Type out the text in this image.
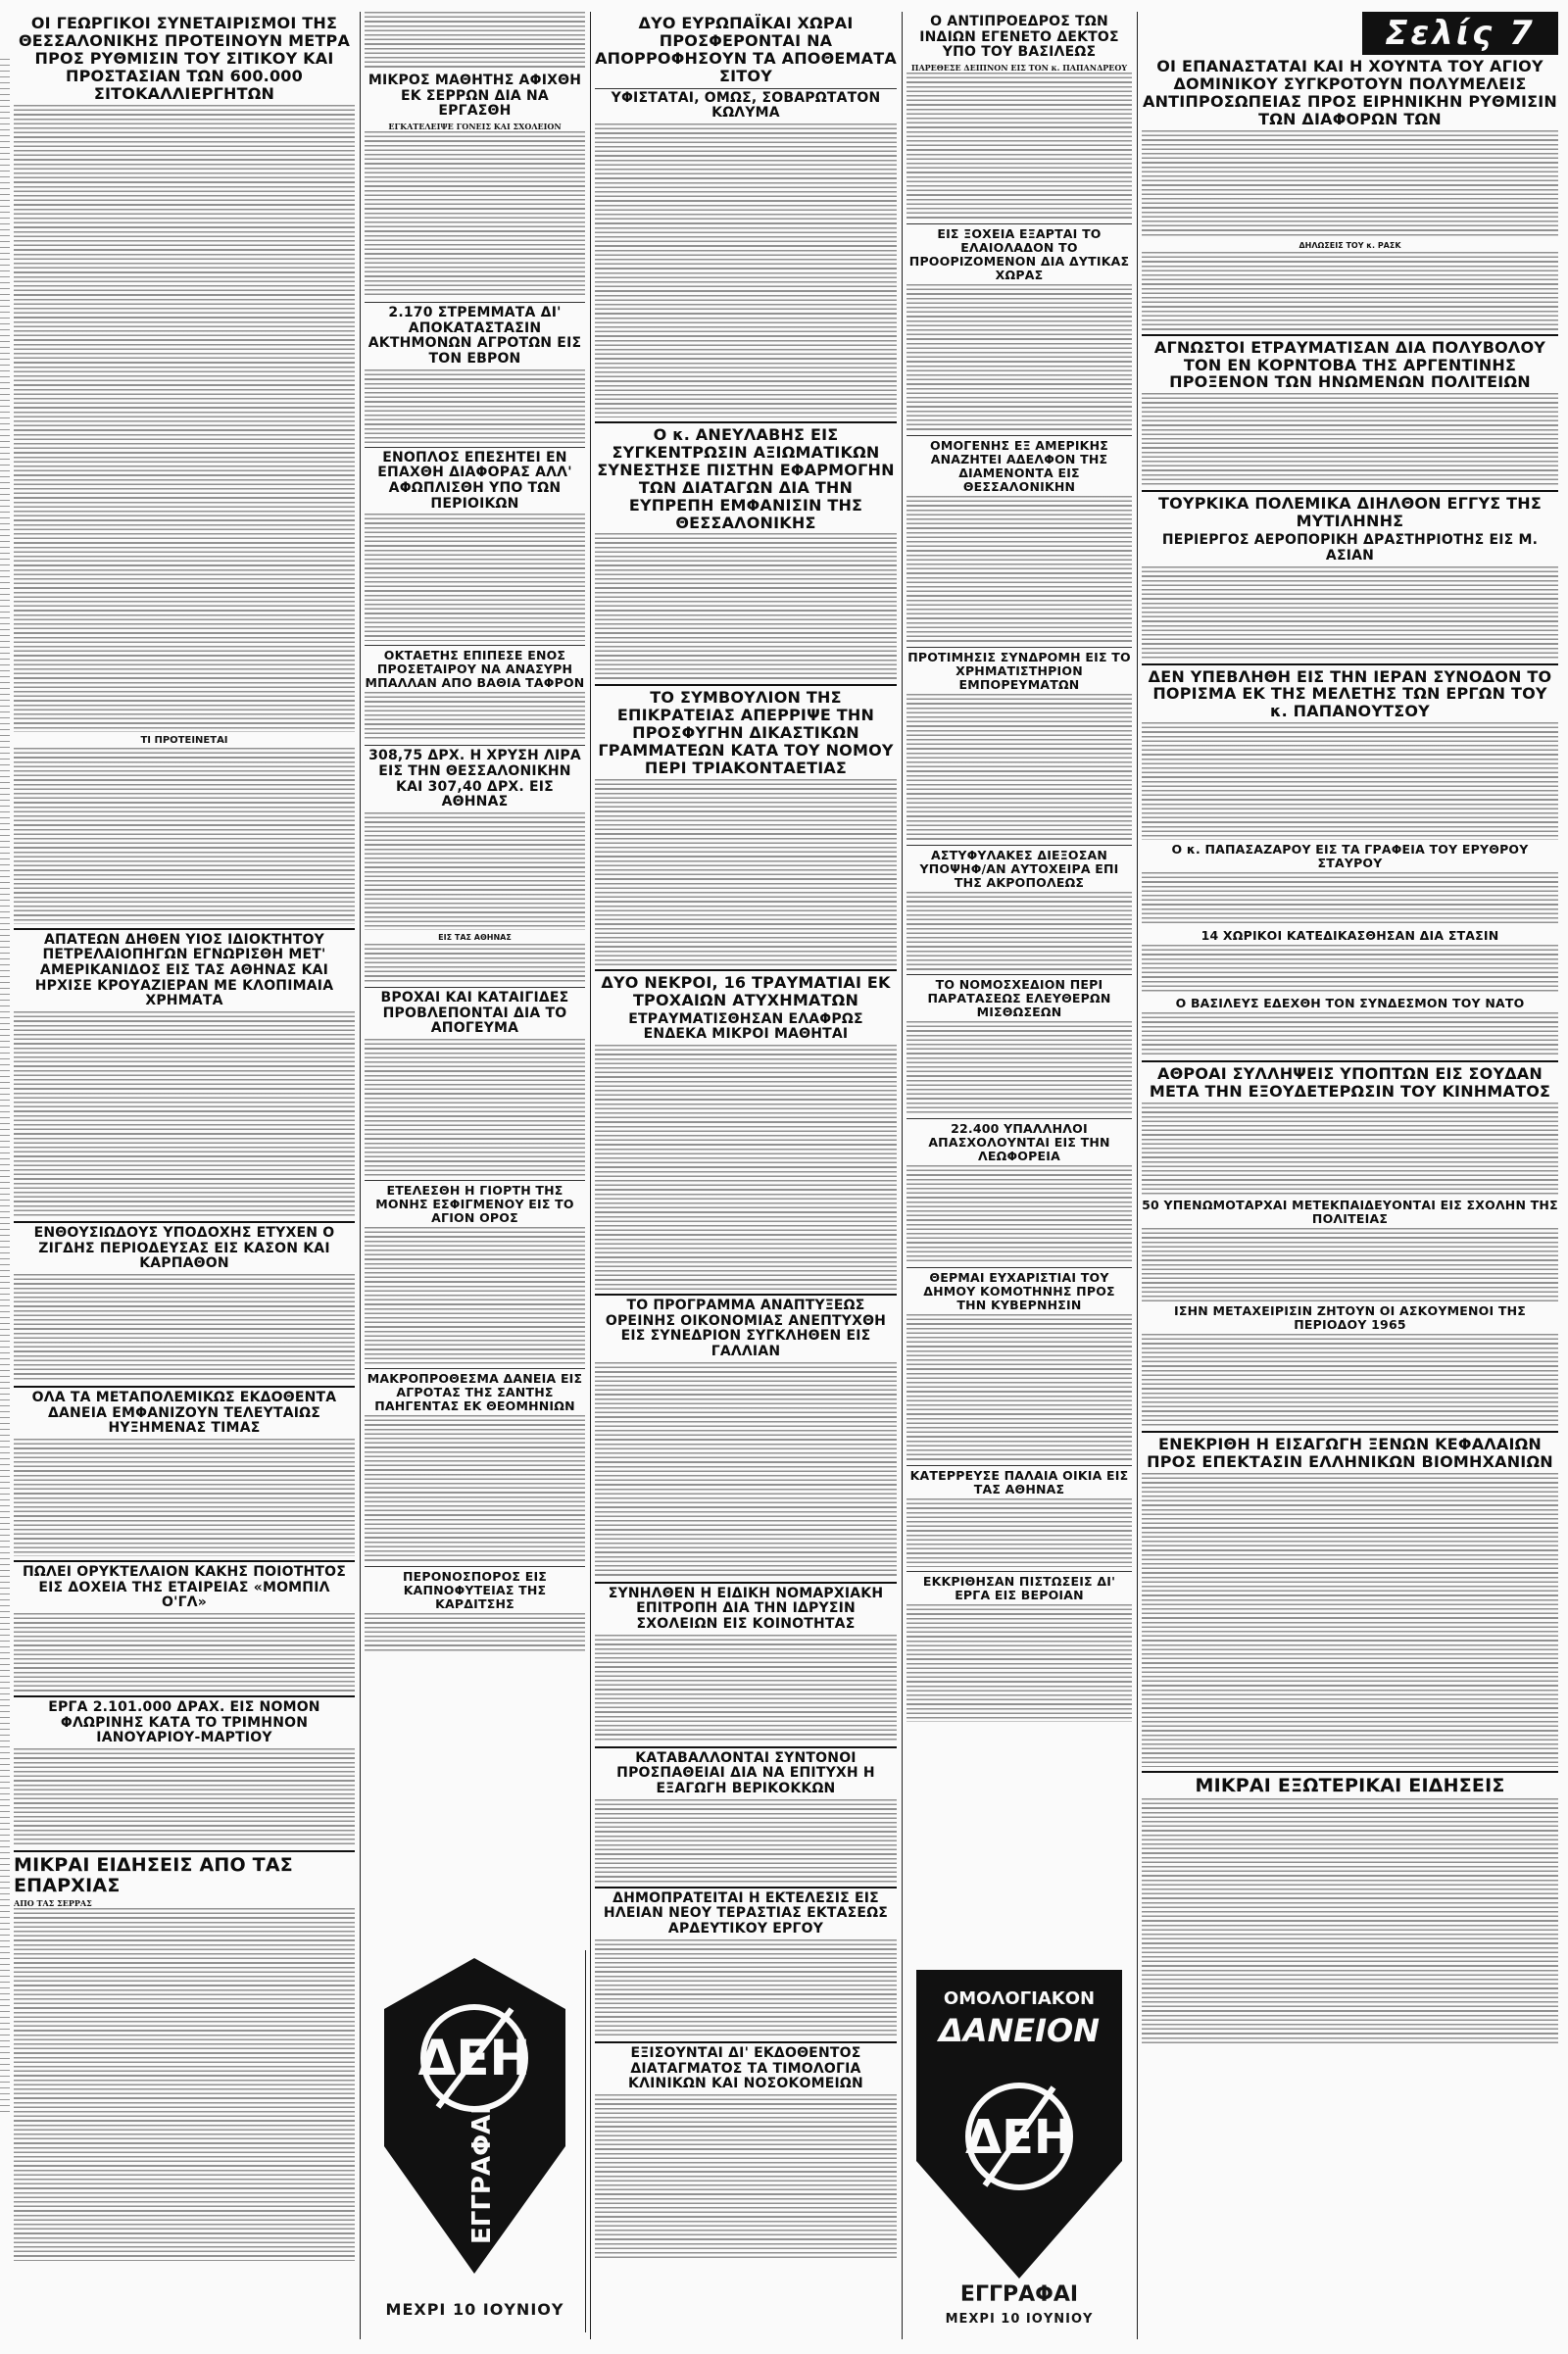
ΟΙ ΓΕΩΡΓΙΚΟΙ ΣΥΝΕΤΑΙΡΙΣΜΟΙ ΤΗΣ ΘΕΣΣΑΛΟΝΙΚΗΣ ΠΡΟΤΕΙΝΟΥΝ ΜΕΤΡΑ ΠΡΟΣ ΡΥΘΜΙΣΙΝ ΤΟΥ ΣΙΤΙΚΟΥ ΚΑΙ ΠΡΟΣΤΑΣΙΑΝ ΤΩΝ 600.000 ΣΙΤΟΚΑΛΛΙΕΡΓΗΤΩΝ
ΤΙ ΠΡΟΤΕΙΝΕΤΑΙ
ΑΠΑΤΕΩΝ ΔΗΘΕΝ ΥΙΟΣ ΙΔΙΟΚΤΗΤΟΥ ΠΕΤΡΕΛΑΙΟΠΗΓΩΝ ΕΓΝΩΡΙΣΘΗ ΜΕΤ' ΑΜΕΡΙΚΑΝΙΔΟΣ ΕΙΣ ΤΑΣ ΑΘΗΝΑΣ ΚΑΙ ΗΡΧΙΣΕ ΚΡΟΥΑΖΙΕΡΑΝ ΜΕ ΚΛΟΠΙΜΑΙΑ ΧΡΗΜΑΤΑ
ΕΝΘΟΥΣΙΩΔΟΥΣ ΥΠΟΔΟΧΗΣ ΕΤΥΧΕΝ Ο ΖΙΓΔΗΣ ΠΕΡΙΟΔΕΥΣΑΣ ΕΙΣ ΚΑΣΟΝ ΚΑΙ ΚΑΡΠΑΘΟΝ
ΟΛΑ ΤΑ ΜΕΤΑΠΟΛΕΜΙΚΩΣ ΕΚΔΟΘΕΝΤΑ ΔΑΝΕΙΑ ΕΜΦΑΝΙΖΟΥΝ ΤΕΛΕΥΤΑΙΩΣ ΗΥΞΗΜΕΝΑΣ ΤΙΜΑΣ
ΠΩΛΕΙ ΟΡΥΚΤΕΛΑΙΟΝ ΚΑΚΗΣ ΠΟΙΟΤΗΤΟΣ ΕΙΣ ΔΟΧΕΙΑ ΤΗΣ ΕΤΑΙΡΕΙΑΣ «ΜΟΜΠΙΛ Ο'ΓΛ»
ΕΡΓΑ 2.101.000 ΔΡΑΧ. ΕΙΣ ΝΟΜΟΝ ΦΛΩΡΙΝΗΣ ΚΑΤΑ ΤΟ ΤΡΙΜΗΝΟΝ ΙΑΝΟΥΑΡΙΟΥ-ΜΑΡΤΙΟΥ
ΜΙΚΡΑΙ ΕΙΔΗΣΕΙΣ ΑΠΟ ΤΑΣ ΕΠΑΡΧΙΑΣ
ΑΠΟ ΤΑΣ ΣΕΡΡΑΣ
ΜΙΚΡΟΣ ΜΑΘΗΤΗΣ ΑΦΙΧΘΗ ΕΚ ΣΕΡΡΩΝ ΔΙΑ ΝΑ ΕΡΓΑΣΘΗ
ΕΓΚΑΤΕΛΕΙΨΕ ΓΟΝΕΙΣ ΚΑΙ ΣΧΟΛΕΙΟΝ
2.170 ΣΤΡΕΜΜΑΤΑ ΔΙ' ΑΠΟΚΑΤΑΣΤΑΣΙΝ ΑΚΤΗΜΟΝΩΝ ΑΓΡΟΤΩΝ ΕΙΣ ΤΟΝ ΕΒΡΟΝ
ΕΝΟΠΛΟΣ ΕΠΕΣΗΤΕΙ ΕΝ ΕΠΑΧΘΗ ΔΙΑΦΟΡΑΣ ΑΛΛ' ΑΦΩΠΛΙΣΘΗ ΥΠΟ ΤΩΝ ΠΕΡΙΟΙΚΩΝ
ΟΚΤΑΕΤΗΣ ΕΠΙΠΕΣΕ ΕΝΟΣ ΠΡΟΣΕΤΑΙΡΟΥ ΝΑ ΑΝΑΣΥΡΗ ΜΠΑΛΛΑΝ ΑΠΟ ΒΑΘΙΑ ΤΑΦΡΟΝ
308,75 ΔΡΧ. Η ΧΡΥΣΗ ΛΙΡΑ ΕΙΣ ΤΗΝ ΘΕΣΣΑΛΟΝΙΚΗΝ ΚΑΙ 307,40 ΔΡΧ. ΕΙΣ ΑΘΗΝΑΣ
ΕΙΣ ΤΑΣ ΑΘΗΝΑΣ
ΒΡΟΧΑΙ ΚΑΙ ΚΑΤΑΙΓΙΔΕΣ ΠΡΟΒΛΕΠΟΝΤΑΙ ΔΙΑ ΤΟ ΑΠΟΓΕΥΜΑ
ΕΤΕΛΕΣΘΗ Η ΓΙΟΡΤΗ ΤΗΣ ΜΟΝΗΣ ΕΣΦΙΓΜΕΝΟΥ ΕΙΣ ΤΟ ΑΓΙΟΝ ΟΡΟΣ
ΜΑΚΡΟΠΡΟΘΕΣΜΑ ΔΑΝΕΙΑ ΕΙΣ ΑΓΡΟΤΑΣ ΤΗΣ ΣΑΝΤΗΣ ΠΑΗΓΕΝΤΑΣ ΕΚ ΘΕΟΜΗΝΙΩΝ
ΠΕΡΟΝΟΣΠΟΡΟΣ ΕΙΣ ΚΑΠΝΟΦΥΤΕΙΑΣ ΤΗΣ ΚΑΡΔΙΤΣΗΣ
ΔΥΟ ΕΥΡΩΠΑΪΚΑΙ ΧΩΡΑΙ ΠΡΟΣΦΕΡΟΝΤΑΙ ΝΑ ΑΠΟΡΡΟΦΗΣΟΥΝ ΤΑ ΑΠΟΘΕΜΑΤΑ ΣΙΤΟΥ
ΥΦΙΣΤΑΤΑΙ, ΟΜΩΣ, ΣΟΒΑΡΩΤΑΤΟΝ ΚΩΛΥΜΑ
Ο κ. ΑΝΕΥΛΑΒΗΣ ΕΙΣ ΣΥΓΚΕΝΤΡΩΣΙΝ ΑΞΙΩΜΑΤΙΚΩΝ ΣΥΝΕΣΤΗΣΕ ΠΙΣΤΗΝ ΕΦΑΡΜΟΓΗΝ ΤΩΝ ΔΙΑΤΑΓΩΝ ΔΙΑ ΤΗΝ ΕΥΠΡΕΠΗ ΕΜΦΑΝΙΣΙΝ ΤΗΣ ΘΕΣΣΑΛΟΝΙΚΗΣ
ΤΟ ΣΥΜΒΟΥΛΙΟΝ ΤΗΣ ΕΠΙΚΡΑΤΕΙΑΣ ΑΠΕΡΡΙΨΕ ΤΗΝ ΠΡΟΣΦΥΓΗΝ ΔΙΚΑΣΤΙΚΩΝ ΓΡΑΜΜΑΤΕΩΝ ΚΑΤΑ ΤΟΥ ΝΟΜΟΥ ΠΕΡΙ ΤΡΙΑΚΟΝΤΑΕΤΙΑΣ
ΔΥΟ ΝΕΚΡΟΙ, 16 ΤΡΑΥΜΑΤΙΑΙ ΕΚ ΤΡΟΧΑΙΩΝ ΑΤΥΧΗΜΑΤΩΝ
ΕΤΡΑΥΜΑΤΙΣΘΗΣΑΝ ΕΛΑΦΡΩΣ ΕΝΔΕΚΑ ΜΙΚΡΟΙ ΜΑΘΗΤΑΙ
ΤΟ ΠΡΟΓΡΑΜΜΑ ΑΝΑΠΤΥΞΕΩΣ ΟΡΕΙΝΗΣ ΟΙΚΟΝΟΜΙΑΣ ΑΝΕΠΤΥΧΘΗ ΕΙΣ ΣΥΝΕΔΡΙΟΝ ΣΥΓΚΛΗΘΕΝ ΕΙΣ ΓΑΛΛΙΑΝ
ΣΥΝΗΛΘΕΝ Η ΕΙΔΙΚΗ ΝΟΜΑΡΧΙΑΚΗ ΕΠΙΤΡΟΠΗ ΔΙΑ ΤΗΝ ΙΔΡΥΣΙΝ ΣΧΟΛΕΙΩΝ ΕΙΣ ΚΟΙΝΟΤΗΤΑΣ
ΚΑΤΑΒΑΛΛΟΝΤΑΙ ΣΥΝΤΟΝΟΙ ΠΡΟΣΠΑΘΕΙΑΙ ΔΙΑ ΝΑ ΕΠΙΤΥΧΗ Η ΕΞΑΓΩΓΗ ΒΕΡΙΚΟΚΚΩΝ
ΔΗΜΟΠΡΑΤΕΙΤΑΙ Η ΕΚΤΕΛΕΣΙΣ ΕΙΣ ΗΛΕΙΑΝ ΝΕΟΥ ΤΕΡΑΣΤΙΑΣ ΕΚΤΑΣΕΩΣ ΑΡΔΕΥΤΙΚΟΥ ΕΡΓΟΥ
ΕΞΙΣΟΥΝΤΑΙ ΔΙ' ΕΚΔΟΘΕΝΤΟΣ ΔΙΑΤΑΓΜΑΤΟΣ ΤΑ ΤΙΜΟΛΟΓΙΑ ΚΛΙΝΙΚΩΝ ΚΑΙ ΝΟΣΟΚΟΜΕΙΩΝ
Ο ΑΝΤΙΠΡΟΕΔΡΟΣ ΤΩΝ ΙΝΔΙΩΝ ΕΓΕΝΕΤΟ ΔΕΚΤΟΣ ΥΠΟ ΤΟΥ ΒΑΣΙΛΕΩΣ
ΠΑΡΕΘΕΣΕ ΔΕΙΠΝΟΝ ΕΙΣ ΤΟΝ κ. ΠΑΠΑΝΔΡΕΟΥ
ΕΙΣ ΞΟΧΕΙΑ ΕΞΑΡΤΑΙ ΤΟ ΕΛΑΙΟΛΑΔΟΝ ΤΟ ΠΡΟΟΡΙΖΟΜΕΝΟΝ ΔΙΑ ΔΥΤΙΚΑΣ ΧΩΡΑΣ
ΟΜΟΓΕΝΗΣ ΕΞ ΑΜΕΡΙΚΗΣ ΑΝΑΖΗΤΕΙ ΑΔΕΛΦΟΝ ΤΗΣ ΔΙΑΜΕΝΟΝΤΑ ΕΙΣ ΘΕΣΣΑΛΟΝΙΚΗΝ
ΠΡΟΤΙΜΗΣΙΣ ΣΥΝΔΡΟΜΗ ΕΙΣ ΤΟ ΧΡΗΜΑΤΙΣΤΗΡΙΟΝ ΕΜΠΟΡΕΥΜΑΤΩΝ
ΑΣΤΥΦΥΛΑΚΕΣ ΔΙΕΞΟΣΑΝ ΥΠΟΨΗΦ/ΑΝ ΑΥΤΟΧΕΙΡΑ ΕΠΙ ΤΗΣ ΑΚΡΟΠΟΛΕΩΣ
ΤΟ ΝΟΜΟΣΧΕΔΙΟΝ ΠΕΡΙ ΠΑΡΑΤΑΣΕΩΣ ΕΛΕΥΘΕΡΩΝ ΜΙΣΘΩΣΕΩΝ
22.400 ΥΠΑΛΛΗΛΟΙ ΑΠΑΣΧΟΛΟΥΝΤΑΙ ΕΙΣ ΤΗΝ ΛΕΩΦΟΡΕΙΑ
ΘΕΡΜΑΙ ΕΥΧΑΡΙΣΤΙΑΙ ΤΟΥ ΔΗΜΟΥ ΚΟΜΟΤΗΝΗΣ ΠΡΟΣ ΤΗΝ ΚΥΒΕΡΝΗΣΙΝ
ΚΑΤΕΡΡΕΥΣΕ ΠΑΛΑΙΑ ΟΙΚΙΑ ΕΙΣ ΤΑΣ ΑΘΗΝΑΣ
ΕΚΚΡΙΘΗΣΑΝ ΠΙΣΤΩΣΕΙΣ ΔΙ' ΕΡΓΑ ΕΙΣ ΒΕΡΟΙΑΝ
Σελίς 7
ΟΙ ΕΠΑΝΑΣΤΑΤΑΙ ΚΑΙ Η ΧΟΥΝΤΑ ΤΟΥ ΑΓΙΟΥ ΔΟΜΙΝΙΚΟΥ ΣΥΓΚΡΟΤΟΥΝ ΠΟΛΥΜΕΛΕΙΣ ΑΝΤΙΠΡΟΣΩΠΕΙΑΣ ΠΡΟΣ ΕΙΡΗΝΙΚΗΝ ΡΥΘΜΙΣΙΝ ΤΩΝ ΔΙΑΦΟΡΩΝ ΤΩΝ
ΔΗΛΩΣΕΙΣ ΤΟΥ κ. ΡΑΣΚ
ΑΓΝΩΣΤΟΙ ΕΤΡΑΥΜΑΤΙΣΑΝ ΔΙΑ ΠΟΛΥΒΟΛΟΥ ΤΟΝ ΕΝ ΚΟΡΝΤΟΒΑ ΤΗΣ ΑΡΓΕΝΤΙΝΗΣ ΠΡΟΞΕΝΟΝ ΤΩΝ ΗΝΩΜΕΝΩΝ ΠΟΛΙΤΕΙΩΝ
ΤΟΥΡΚΙΚΑ ΠΟΛΕΜΙΚΑ ΔΙΗΛΘΟΝ ΕΓΓΥΣ ΤΗΣ ΜΥΤΙΛΗΝΗΣ
ΠΕΡΙΕΡΓΟΣ ΑΕΡΟΠΟΡΙΚΗ ΔΡΑΣΤΗΡΙΟΤΗΣ ΕΙΣ Μ. ΑΣΙΑΝ
ΔΕΝ ΥΠΕΒΛΗΘΗ ΕΙΣ ΤΗΝ ΙΕΡΑΝ ΣΥΝΟΔΟΝ ΤΟ ΠΟΡΙΣΜΑ ΕΚ ΤΗΣ ΜΕΛΕΤΗΣ ΤΩΝ ΕΡΓΩΝ ΤΟΥ κ. ΠΑΠΑΝΟΥΤΣΟΥ
Ο κ. ΠΑΠΑΣΑΖΑΡΟΥ ΕΙΣ ΤΑ ΓΡΑΦΕΙΑ ΤΟΥ ΕΡΥΘΡΟΥ ΣΤΑΥΡΟΥ
14 ΧΩΡΙΚΟΙ ΚΑΤΕΔΙΚΑΣΘΗΣΑΝ ΔΙΑ ΣΤΑΣΙΝ
Ο ΒΑΣΙΛΕΥΣ ΕΔΕΧΘΗ ΤΟΝ ΣΥΝΔΕΣΜΟΝ ΤΟΥ ΝΑΤΟ
ΑΘΡΟΑΙ ΣΥΛΛΗΨΕΙΣ ΥΠΟΠΤΩΝ ΕΙΣ ΣΟΥΔΑΝ ΜΕΤΑ ΤΗΝ ΕΞΟΥΔΕΤΕΡΩΣΙΝ ΤΟΥ ΚΙΝΗΜΑΤΟΣ
50 ΥΠΕΝΩΜΟΤΑΡΧΑΙ ΜΕΤΕΚΠΑΙΔΕΥΟΝΤΑΙ ΕΙΣ ΣΧΟΛΗΝ ΤΗΣ ΠΟΛΙΤΕΙΑΣ
ΙΣΗΝ ΜΕΤΑΧΕΙΡΙΣΙΝ ΖΗΤΟΥΝ ΟΙ ΑΣΚΟΥΜΕΝΟΙ ΤΗΣ ΠΕΡΙΟΔΟΥ 1965
ΕΝΕΚΡΙΘΗ Η ΕΙΣΑΓΩΓΗ ΞΕΝΩΝ ΚΕΦΑΛΑΙΩΝ ΠΡΟΣ ΕΠΕΚΤΑΣΙΝ ΕΛΛΗΝΙΚΩΝ ΒΙΟΜΗΧΑΝΙΩΝ
ΜΙΚΡΑΙ ΕΞΩΤΕΡΙΚΑΙ ΕΙΔΗΣΕΙΣ
ΔΕΗ
ΕΓΓΡΑΦΑΙ
ΜΕΧΡΙ 10 ΙΟΥΝΙΟΥ
ΟΜΟΛΟΓΙΑΚΟΝ
ΔΑΝΕΙΟΝ
ΔΕΗ
ΕΓΓΡΑΦΑΙ
ΜΕΧΡΙ 10 ΙΟΥΝΙΟΥ
